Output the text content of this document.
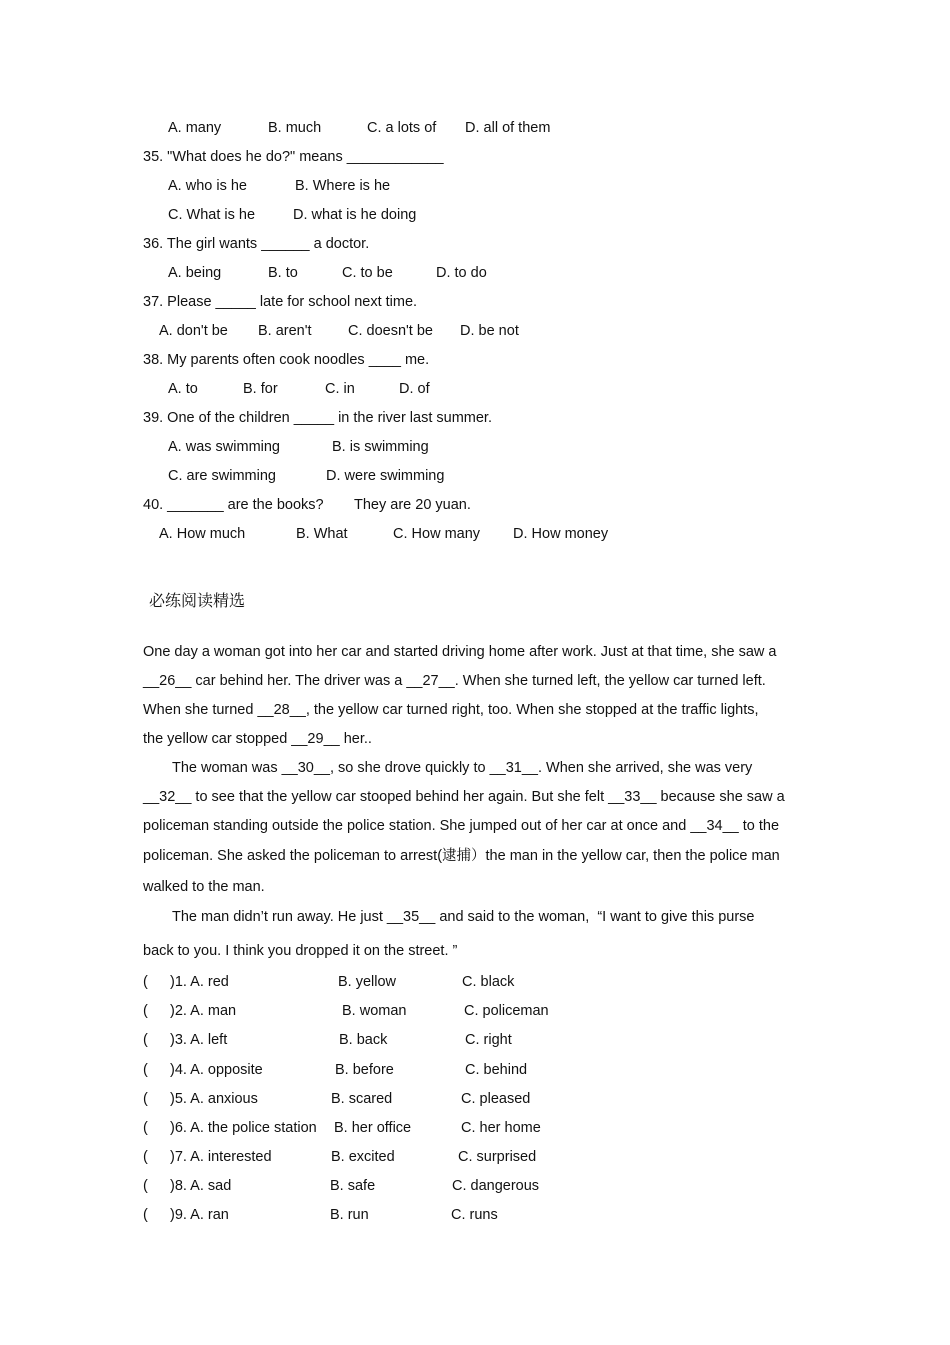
A. many	B. much	C. a lots of D. all of them
35. "What does he do?" means ____________
A. who is he	B. Where is he
C. What is he	D. what is he doing
36. The girl wants ______ a doctor.
A. being	B. to	C. to be	D. to do
37. Please _____ late for school next time.
A. don't be B. aren't	C. doesn't be D. be not
38. My parents often cook noodles ____ me.
A. to	B. for	C. in	D. of
39. One of the children _____ in the river last summer.
A. was swimming	B. is swimming
C. are swimming	D. were swimming
40. _______ are the books? They are 20 yuan.
A. How much	B. What	C. How many D. How money
必练阅读精选
One day a woman got into her car and started driving home after work. Just at that time, she saw a
__26__ car behind her. The driver was a __27__. When she turned left, the yellow car turned left.
When she turned __28__, the yellow car turned right, too. When she stopped at the traffic lights,
the yellow car stopped __29__ her..
The woman was __30__, so she drove quickly to __31__. When she arrived, she was very
__32__ to see that the yellow car stooped behind her again. But she felt __33__ because she saw a
policeman standing outside the police station. She jumped out of her car at once and __34__ to the
policeman. She asked the policeman to arrest(逮捕）the man in the yellow car, then the police man
walked to the man.
The man didn’t run away. He just __35__ and said to the woman,  “I want to give this purse
back to you. I think you dropped it on the street. ”
( )1. A. red	B. yellow	C. black
( )2. A. man	B. woman	C. policeman
( )3. A. left	B. back	C. right
( )4. A. opposite	B. before	C. behind
( )5. A. anxious	B. scared	C. pleased
( )6. A. the police station B. her office	C. her home
( )7. A. interested	B. excited	C. surprised
( )8. A. sad	B. safe	C. dangerous
( )9. A. ran	B. run	C. runs
